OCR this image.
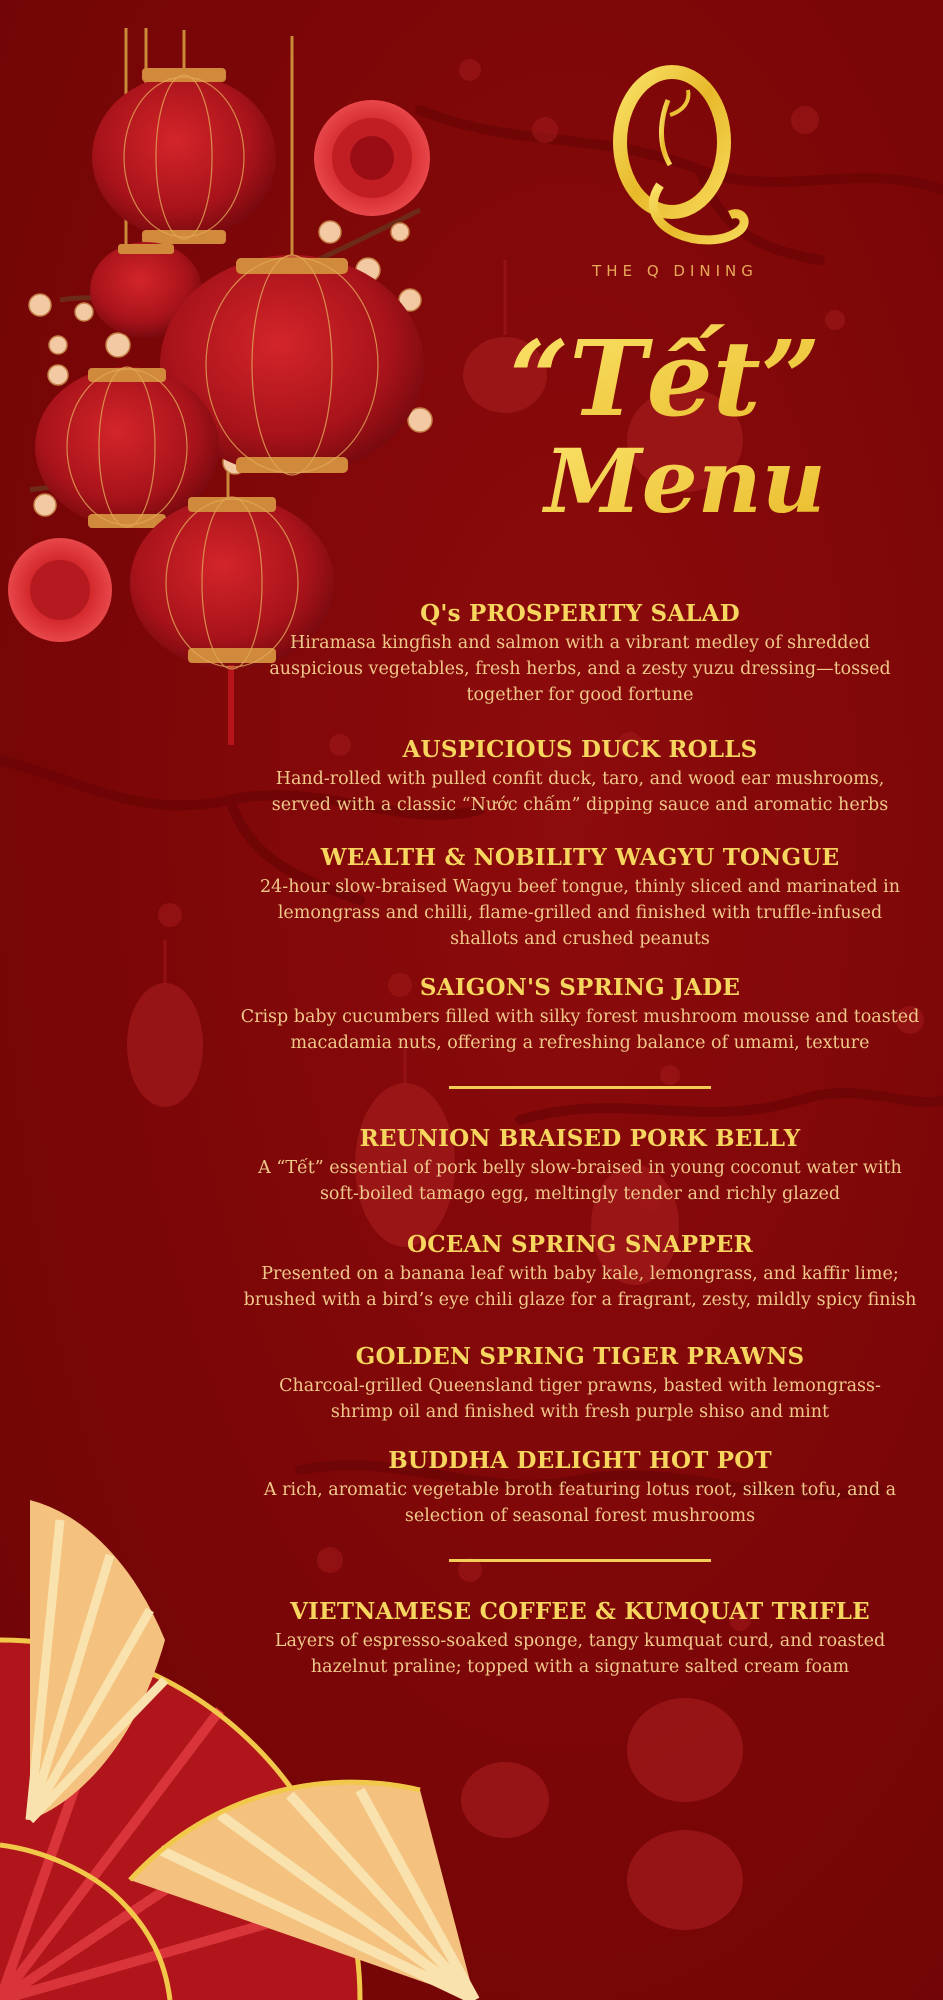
THE Q DINING
“Tết”
Menu
Q's PROSPERITY SALAD

Hiramasa kingfish and salmon with a vibrant medley of shredded auspicious vegetables, fresh herbs, and a zesty yuzu dressing—tossed together for good fortune

AUSPICIOUS DUCK ROLLS

Hand-rolled with pulled confit duck, taro, and wood ear mushrooms, served with a classic “Nước chấm” dipping sauce and aromatic herbs

WEALTH & NOBILITY WAGYU TONGUE

24-hour slow-braised Wagyu beef tongue, thinly sliced and marinated in lemongrass and chilli, flame-grilled and finished with truffle-infused shallots and crushed peanuts

SAIGON'S SPRING JADE

Crisp baby cucumbers filled with silky forest mushroom mousse and toasted macadamia nuts, offering a refreshing balance of umami, texture

REUNION BRAISED PORK BELLY

A “Tết” essential of pork belly slow-braised in young coconut water with soft-boiled tamago egg, meltingly tender and richly glazed

OCEAN SPRING SNAPPER

Presented on a banana leaf with baby kale, lemongrass, and kaffir lime; brushed with a bird’s eye chili glaze for a fragrant, zesty, mildly spicy finish

GOLDEN SPRING TIGER PRAWNS

Charcoal-grilled Queensland tiger prawns, basted with lemongrass-shrimp oil and finished with fresh purple shiso and mint

BUDDHA DELIGHT HOT POT

A rich, aromatic vegetable broth featuring lotus root, silken tofu, and a selection of seasonal forest mushrooms

VIETNAMESE COFFEE & KUMQUAT TRIFLE

Layers of espresso-soaked sponge, tangy kumquat curd, and roasted hazelnut praline; topped with a signature salted cream foam
